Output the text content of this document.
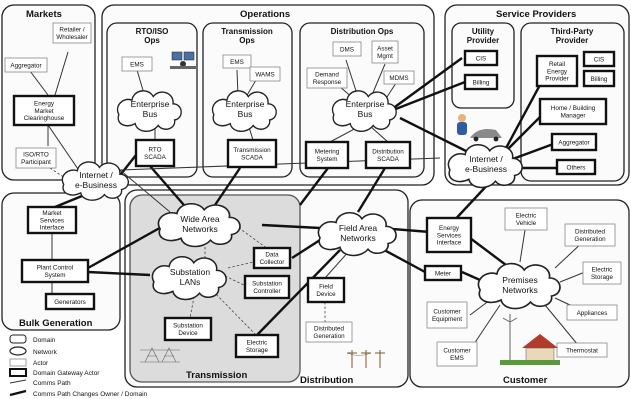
Markets	Operations	Service Providers
Bulk Generation
Distribution
Transmission	Customer
RTO/ISO Ops
Transmission Ops
Distribution Ops	Utility Provider
Third-Party Provider
Enterprise Bus
Enterprise Bus
Enterprise Bus
Internet / e-Business
Internet / e-Business
Wide Area Networks	Field Area Networks
Substation LANs	Premises Networks
Retailer / Wholesaler
Aggregator
ISO/RTO Participant
EMS	EMS
WAMS
DMS	Asset Mgmt
Demand Response
MDMS
Electric Vehicle
Distributed Generation
Electric Storage
Appliances
Thermostat
Customer Equipment
Customer EMS
Distributed Generation
Energy Market Clearinghouse
RTO SCADA
Transmission SCADA
Metering System
Distribution SCADA
CIS
Billing
Retail Energy Provider
CIS
Billing
Home / Building Manager
Aggregator
Others
Market Services Interface
Plant Control System
Generators
Data Collector
Substation Controller
Substation Device
Electric Storage
Field Device
Energy Services Interface
Meter
Domain
Network
Actor
Domain Gateway Actor
Comms Path
Comms Path Changes Owner / Domain
